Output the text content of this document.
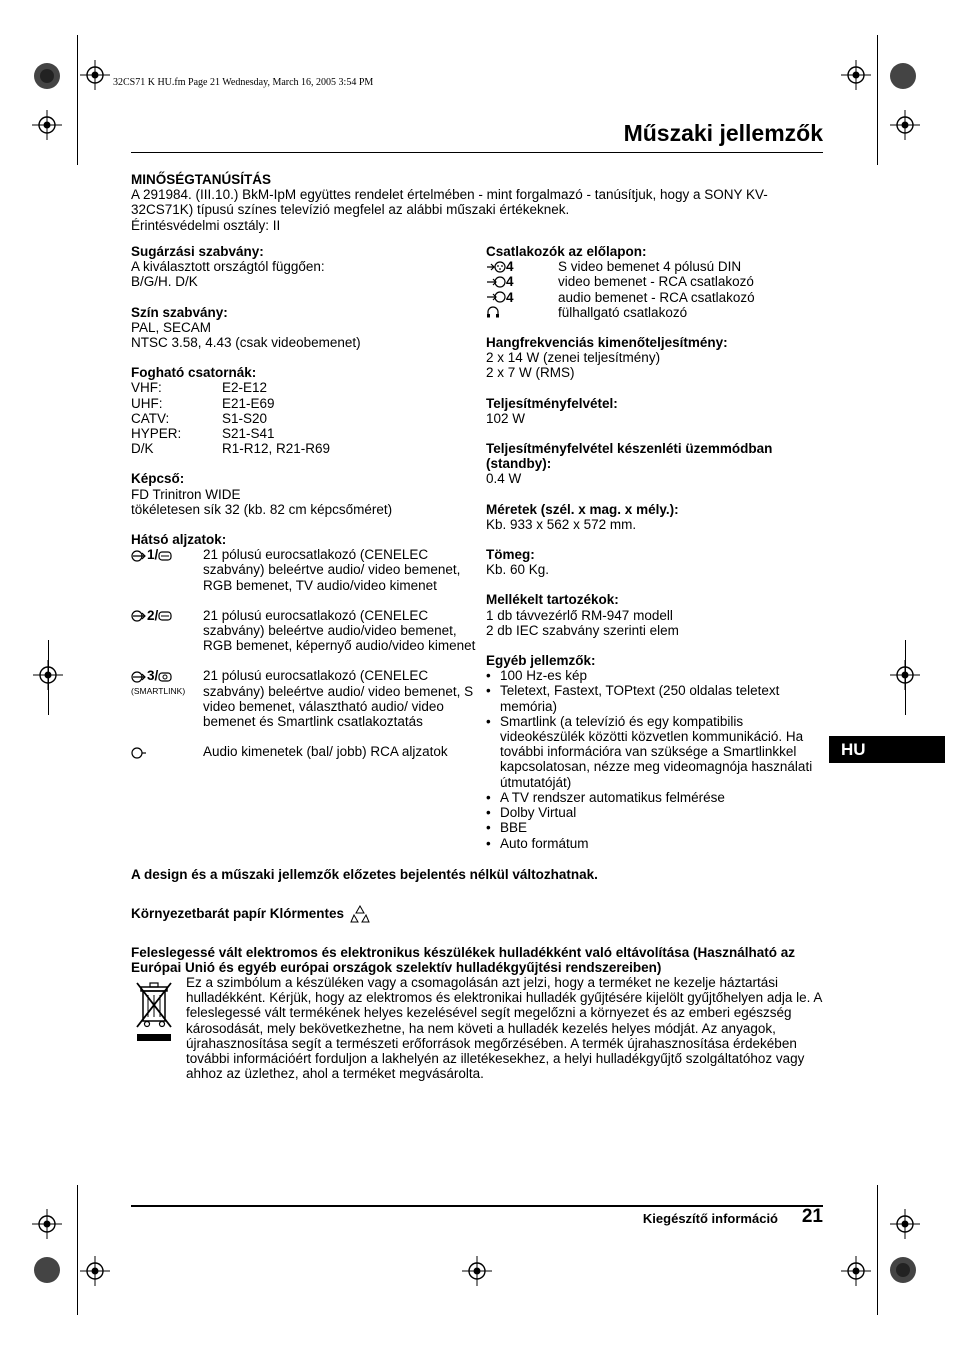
32CS71 K HU.fm Page 21 Wednesday, March 16, 2005 3:54 PM
Műszaki jellemzők
MINŐSÉGTANÚSÍTÁS
A 291984. (III.10.) BkM-IpM együttes rendelet értelmében - mint forgalmazó - tanúsítjuk, hogy a SONY KV-32CS71K) típusú színes televízió megfelel az alábbi műszaki értékeknek.
Érintésvédelmi osztály: II
Sugárzási szabvány:
A kiválasztott országtól függően:
B/G/H. D/K
Szín szabvány:
PAL, SECAM
NTSC 3.58, 4.43 (csak videobemenet)
Fogható csatornák:
VHF:	E2-E12
UHF:	E21-E69
CATV:	S1-S20
HYPER:	S21-S41
D/K	R1-R12, R21-R69
Képcső:
FD Trinitron WIDE
tökéletesen sík 32 (kb. 82 cm képcsőméret)
Hátsó aljzatok:
1/	21 pólusú eurocsatlakozó (CENELEC szabvány) beleértve audio/ video bemenet, RGB bemenet, TV audio/video kimenet
2/	21 pólusú eurocsatlakozó (CENELEC szabvány) beleértve audio/video bemenet, RGB bemenet, képernyő audio/video kimenet
3/
(SMARTLINK)
21 pólusú eurocsatlakozó (CENELEC szabvány) beleértve audio/ video bemenet, S video bemenet, választható audio/ video bemenet és Smartlink csatlakoztatás
Audio kimenetek (bal/ jobb) RCA aljzatok
Csatlakozók az előlapon:
4	S video bemenet 4 pólusú DIN
4	video bemenet - RCA csatlakozó
4	audio bemenet - RCA csatlakozó
fülhallgató csatlakozó
Hangfrekvenciás kimenőteljesítmény:
2 x 14 W (zenei teljesítmény)
2 x 7 W (RMS)
Teljesítményfelvétel:
102 W
Teljesítményfelvétel készenléti üzemmódban (standby):
0.4 W
Méretek (szél. x mag. x mély.):
Kb. 933 x 562 x 572 mm.
Tömeg:
Kb. 60 Kg.
Mellékelt tartozékok:
1 db távvezérlő RM-947 modell
2 db IEC szabvány szerinti elem
Egyéb jellemzők:
• 100 Hz-es kép
• Teletext, Fastext, TOPtext (250 oldalas teletext memória)
• Smartlink (a televízió és egy kompatibilis videokészülék közötti közvetlen kommunikáció. Ha további információra van szüksége a Smartlinkkel kapcsolatosan, nézze meg videomagnója használati útmutatóját)
• A TV rendszer automatikus felmérése
• Dolby Virtual
• BBE
• Auto formátum
HU
A design és a műszaki jellemzők előzetes bejelentés nélkül változhatnak.
Környezetbarát papír Klórmentes
Feleslegessé vált elektromos és elektronikus készülékek hulladékként való eltávolítása (Használható az Európai Unió és egyéb európai országok szelektív hulladékgyűjtési rendszereiben)
Ez a szimbólum a készüléken vagy a csomagolásán azt jelzi, hogy a terméket ne kezelje háztartási hulladékként. Kérjük, hogy az elektromos és elektronikai hulladék gyűjtésére kijelölt gyűjtőhelyen adja le. A feleslegessé vált termékének helyes kezelésével segít megelőzni a környezet és az emberi egészség károsodását, mely bekövetkezhetne, ha nem követi a hulladék kezelés helyes módját. Az anyagok, újrahasznosítása segít a természeti erőforrások megőrzésében. A termék újrahasznosítása érdekében további információért forduljon a lakhelyén az illetékesekhez, a helyi hulladékgyűjtő szolgáltatóhoz vagy ahhoz az üzlethez, ahol a terméket megvásárolta.
Kiegészítő információ 21
